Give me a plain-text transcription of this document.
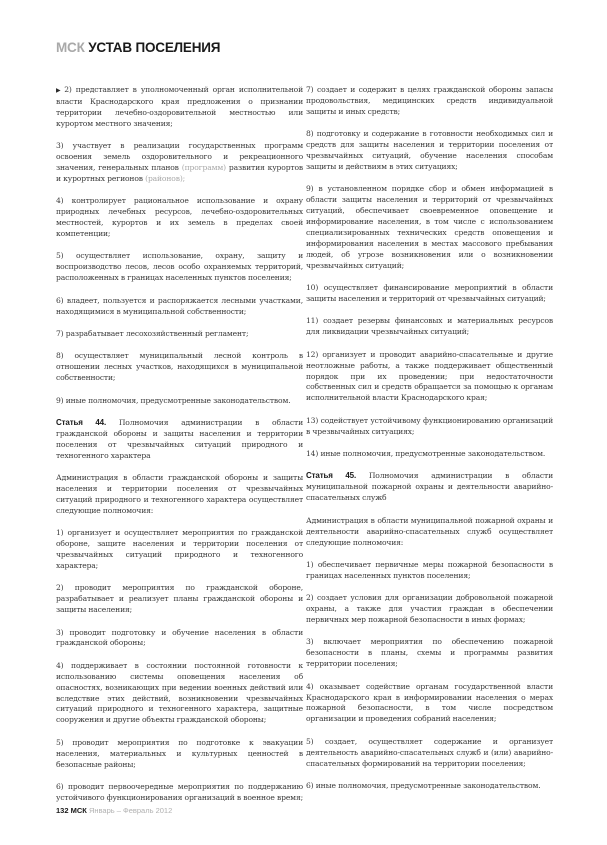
МСК УСТАВ ПОСЕЛЕНИЯ

▶ 2) представляет в уполномоченный орган исполнительной власти Краснодарского края предложения о признании территории лечебно-оздоровительной местностью или курортом местного значения;

3) участвует в реализации государственных программ освоения земель оздоровительного и рекреационного значения, генеральных планов (программ) развития курортов и курортных регионов (районов);

4) контролирует рациональное использование и охрану природных лечебных ресурсов, лечебно-оздоровительных местностей, курортов и их земель в пределах своей компетенции;

5) осуществляет использование, охрану, защиту и воспроизводство лесов, лесов особо охраняемых территорий, расположенных в границах населенных пунктов поселения;

6) владеет, пользуется и распоряжается лесными участками, находящимися в муниципальной собственности;

7) разрабатывает лесохозяйственный регламент;

8) осуществляет муниципальный лесной контроль в отношении лесных участков, находящихся в муниципальной собственности;

9) иные полномочия, предусмотренные законодательством.

Статья 44. Полномочия администрации в области гражданской обороны и защиты населения и территории поселения от чрезвычайных ситуаций природного и техногенного характера

Администрация в области гражданской обороны и защиты населения и территории поселения от чрезвычайных ситуаций природного и техногенного характера осуществляет следующие полномочия:

1) организует и осуществляет мероприятия по гражданской обороне, защите населения и территории поселения от чрезвычайных ситуаций природного и техногенного характера;

2) проводит мероприятия по гражданской обороне, разрабатывает и реализует планы гражданской обороны и защиты населения;

3) проводит подготовку и обучение населения в области гражданской обороны;

4) поддерживает в состоянии постоянной готовности к использованию системы оповещения населения об опасностях, возникающих при ведении военных действий или вследствие этих действий, возникновении чрезвычайных ситуаций природного и техногенного характера, защитные сооружения и другие объекты гражданской обороны;

5) проводит мероприятия по подготовке к эвакуации населения, материальных и культурных ценностей в безопасные районы;

6) проводит первоочередные мероприятия по поддержанию устойчивого функционирования организаций в военное время;

7) создает и содержит в целях гражданской обороны запасы продовольствия, медицинских средств индивидуальной защиты и иных средств;

8) подготовку и содержание в готовности необходимых сил и средств для защиты населения и территории поселения от чрезвычайных ситуаций, обучение населения способам защиты и действиям в этих ситуациях;

9) в установленном порядке сбор и обмен информацией в области защиты населения и территорий от чрезвычайных ситуаций, обеспечивает своевременное оповещение и информирование населения, в том числе с использованием специализированных технических средств оповещения и информирования населения в местах массового пребывания людей, об угрозе возникновения или о возникновении чрезвычайных ситуаций;

10) осуществляет финансирование мероприятий в области защиты населения и территорий от чрезвычайных ситуаций;

11) создает резервы финансовых и материальных ресурсов для ликвидации чрезвычайных ситуаций;

12) организует и проводит аварийно-спасательные и другие неотложные работы, а также поддерживает общественный порядок при их проведении; при недостаточности собственных сил и средств обращается за помощью к органам исполнительной власти Краснодарского края;

13) содействует устойчивому функционированию организаций в чрезвычайных ситуациях;

14) иные полномочия, предусмотренные законодательством.

Статья 45. Полномочия администрации в области муниципальной пожарной охраны и деятельности аварийно-спасательных служб

Администрация в области муниципальной пожарной охраны и деятельности аварийно-спасательных служб осуществляет следующие полномочия:

1) обеспечивает первичные меры пожарной безопасности в границах населенных пунктов поселения;

2) создает условия для организации добровольной пожарной охраны, а также для участия граждан в обеспечении первичных мер пожарной безопасности в иных формах;

3) включает мероприятия по обеспечению пожарной безопасности в планы, схемы и программы развития территории поселения;

4) оказывает содействие органам государственной власти Краснодарского края в информировании населения о мерах пожарной безопасности, в том числе посредством организации и проведения собраний населения;

5) создает, осуществляет содержание и организует деятельность аварийно-спасательных служб и (или) аварийно-спасательных формирований на территории поселения;

6) иные полномочия, предусмотренные законодательством.

132 МСК Январь – Февраль 2012
